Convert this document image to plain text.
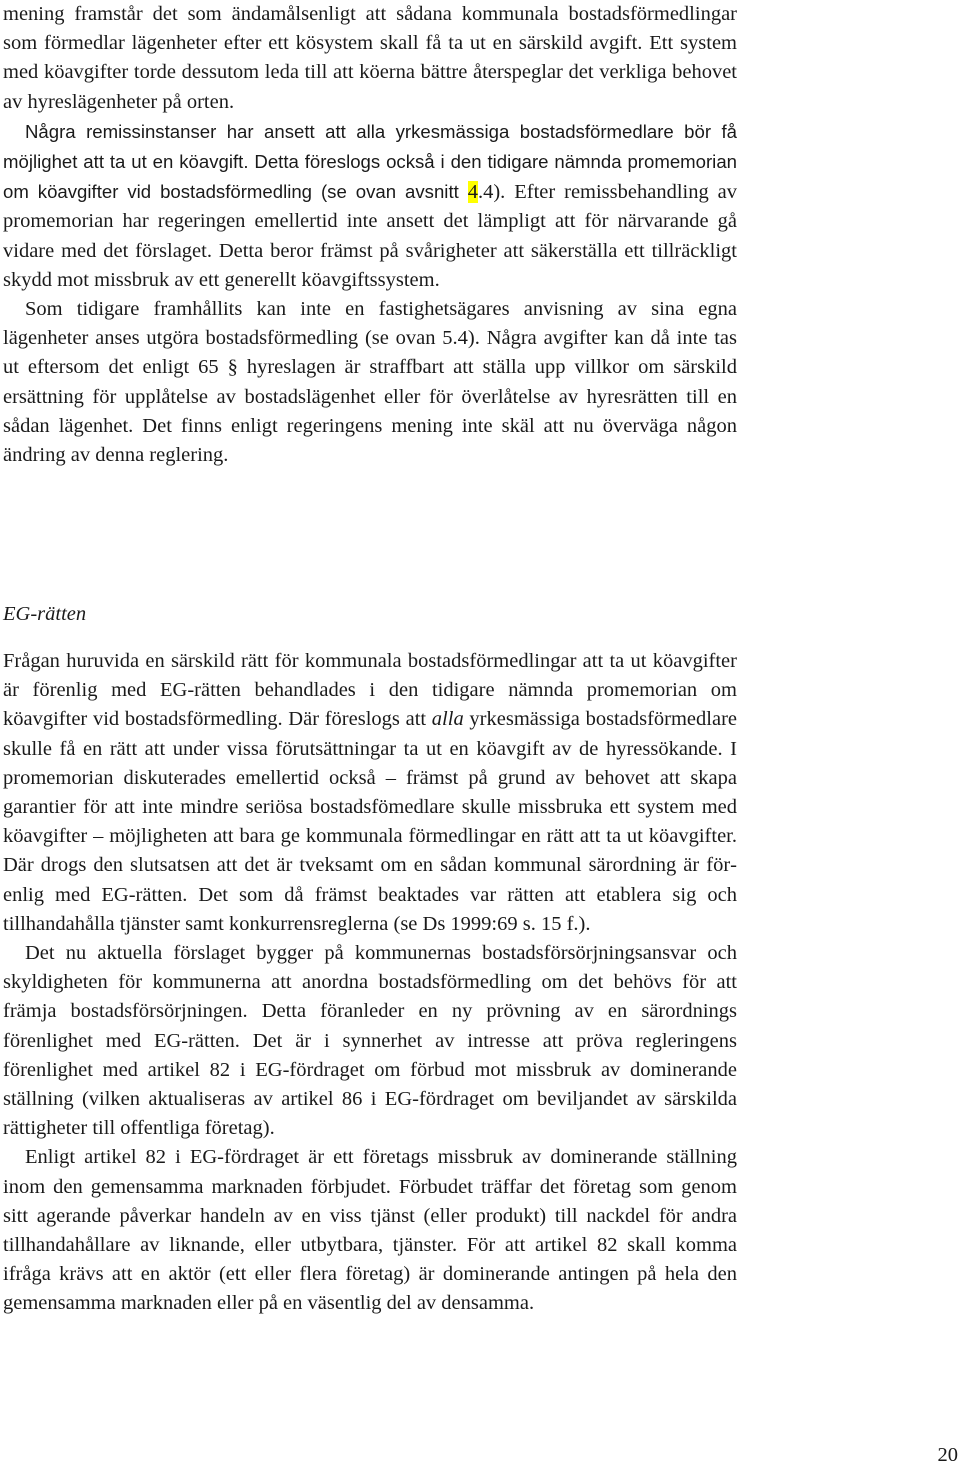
mening framstår det som ändamålsenligt att sådana kommunala bostadsförmedlingar som förmedlar lägenheter efter ett kösystem skall få ta ut en särskild avgift. Ett system med köavgifter torde dessutom leda till att köerna bättre återspeglar det verkliga behovet av hyreslägenheter på orten.

Några remissinstanser har ansett att alla yrkesmässiga bostadsförmedlare bör få möjlighet att ta ut en köavgift. Detta föreslogs också i den tidigare nämnda promemorian om köavgifter vid bostadsförmedling (se ovan avsnitt 4.4). Efter remissbehandling av promemorian har regeringen emellertid inte ansett det lämpligt att för närvarande gå vidare med det förslaget. Detta beror främst på svårigheter att säkerställa ett tillräckligt skydd mot missbruk av ett generellt köavgiftssystem.

Som tidigare framhållits kan inte en fastighetsägares anvisning av sina egna lägenheter anses utgöra bostadsförmedling (se ovan 5.4). Några avgifter kan då inte tas ut eftersom det enligt 65 § hyreslagen är straffbart att ställa upp villkor om särskild ersättning för upplåtelse av bostadslägenhet eller för överlåtelse av hyresrätten till en sådan lägenhet. Det finns enligt regeringens mening inte skäl att nu överväga någon ändring av denna reglering.

EG-rätten

Frågan huruvida en särskild rätt för kommunala bostadsförmedlingar att ta ut köavgifter är förenlig med EG-rätten behandlades i den tidigare nämnda promemorian om köavgifter vid bostadsförmedling. Där föreslogs att alla yrkesmässiga bostadsförmedlare skulle få en rätt att under vissa förutsättningar ta ut en köavgift av de hyressökande. I promemorian diskuterades emellertid också – främst på grund av behovet att skapa garantier för att inte mindre seriösa bostadsfömedlare skulle missbruka ett system med köavgifter – möjligheten att bara ge kommunala förmedlingar en rätt att ta ut köavgifter. Där drogs den slutsatsen att det är tveksamt om en sådan kommunal särordning är förenlig med EG-rätten. Det som då främst beaktades var rätten att etablera sig och tillhandahålla tjänster samt konkurrensreglerna (se Ds 1999:69 s. 15 f.).

Det nu aktuella förslaget bygger på kommunernas bostadsförsörjningsansvar och skyldigheten för kommunerna att anordna bostadsförmedling om det behövs för att främja bostadsförsörjningen. Detta föranleder en ny prövning av en särordnings förenlighet med EG-rätten. Det är i synnerhet av intresse att pröva regleringens förenlighet med artikel 82 i EG-fördraget om förbud mot missbruk av dominerande ställning (vilken aktualiseras av artikel 86 i EG-fördraget om beviljandet av särskilda rättigheter till offentliga företag).

Enligt artikel 82 i EG-fördraget är ett företags missbruk av dominerande ställning inom den gemensamma marknaden förbjudet. Förbudet träffar det företag som genom sitt agerande påverkar handeln av en viss tjänst (eller produkt) till nackdel för andra tillhandahållare av liknande, eller utbytbara, tjänster. För att artikel 82 skall komma ifråga krävs att en aktör (ett eller flera företag) är dominerande antingen på hela den gemensamma marknaden eller på en väsentlig del av densamma.

20
